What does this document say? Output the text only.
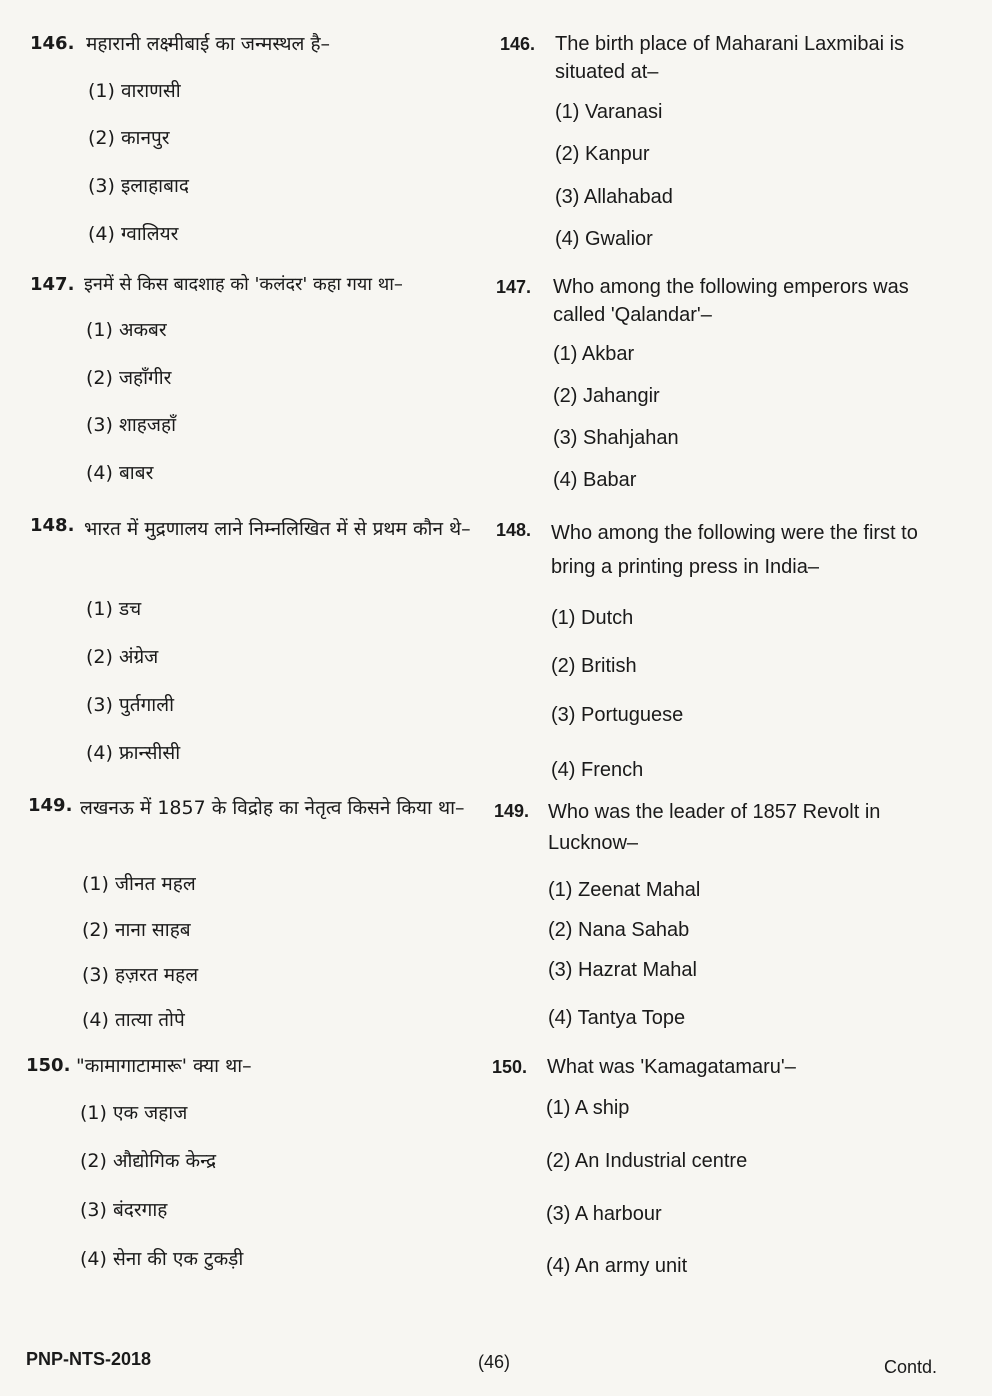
146. महारानी लक्ष्मीबाई का जन्मस्थल है–
(1) वाराणसी
(2) कानपुर
(3) इलाहाबाद
(4) ग्वालियर
146. The birth place of Maharani Laxmibai is situated at–
(1) Varanasi
(2) Kanpur
(3) Allahabad
(4) Gwalior
147. इनमें से किस बादशाह को 'कलंदर' कहा गया था–
(1) अकबर
(2) जहाँगीर
(3) शाहजहाँ
(4) बाबर
147. Who among the following emperors was called 'Qalandar'–
(1) Akbar
(2) Jahangir
(3) Shahjahan
(4) Babar
148. भारत में मुद्रणालय लाने निम्नलिखित में से प्रथम कौन थे–
(1) डच
(2) अंग्रेज
(3) पुर्तगाली
(4) फ्रान्सीसी
148. Who among the following were the first to bring a printing press in India–
(1) Dutch
(2) British
(3) Portuguese
(4) French
149. लखनऊ में 1857 के विद्रोह का नेतृत्व किसने किया था–
(1) जीनत महल
(2) नाना साहब
(3) हज़रत महल
(4) तात्या तोपे
149. Who was the leader of 1857 Revolt in Lucknow–
(1) Zeenat Mahal
(2) Nana Sahab
(3) Hazrat Mahal
(4) Tantya Tope
150. "कामागाटामारू' क्या था–
(1) एक जहाज
(2) औद्योगिक केन्द्र
(3) बंदरगाह
(4) सेना की एक टुकड़ी
150. What was 'Kamagatamaru'–
(1) A ship
(2) An Industrial centre
(3) A harbour
(4) An army unit
PNP-NTS-2018	(46)	Contd.
